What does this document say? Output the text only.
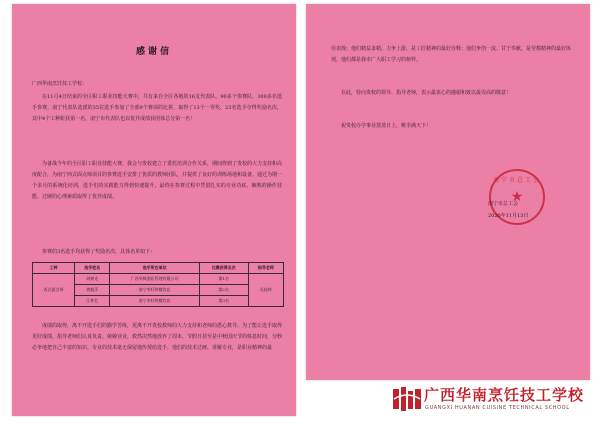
感谢信

广西华南烹饪技工学校：

在11月4日结束的全区职工职业技能大赛中，共有来自全区各地的16支代表队、90多个参赛队、300多名选手参赛，南宁代表队选派的35位选手参加了全部9个赛项的比拼，取得了13个一等奖、23名选手夺得奖励名次，其中4个工种斩获第一名，南宁市代表队也以优异成绩获团体总分第一名！

为备战今年的全区职工职业技能大赛，我会与贵校建立了委托培训合作关系，期间得到了贵校的大力支持和高度配合，为南宁西式面点师项目的参赛选手安排了优质的教师团队，并提供了良好的训练场地和设备。通过为期一个多月的系统化培训，选手们的实践能力得到快速提升，最终在参赛过程中凭借扎实的专业功底、娴熟的操作技能、过硬的心理素质取得了优异成绩。

参赛的3名选手均获得了奖励名次，具体名单如下：

工种	选手姓名	选手所在单位	比赛获得名次	指导老师
西式面点师	胡树光	广西华枫酒店管理有限公司	第1名	吴桂林
	黄毅萍	南宁市旺哞餐饮店	第2名	
	江梓忆	南宁市旺哞餐饮店	第3名	

成绩的取得，离不开选手们的勤学苦练，更离不开贵校教师的大力支持和老师的悉心教导。为了能让选手取得更好成绩，指导老师们认真负责、兢兢业业，救然决然地放弃了周末、节假日甚至是中秋国庆节的休息时间，分秒必争地把自己丰富的知识、专业的技术毫无保留地传授给选手，他们的技术过硬、讲解专业，是职业精神的最

佳表现；他们精益求精、力争上游，是工匠精神的最好诠释；他们争创一流、甘于奉献，是劳模精神的最好体现，他们都是我市广大职工学习的榜样。

在此，特向贵校的领导、指导老师，表示最衷心的感谢和致以最崇高的敬意！

祝贵校办学事业蒸蒸日上，桃李满天下！

南宁市总工会
★
南宁市总工会
2020年11月13日
广西华南烹饪技工学校
GUANGXI HUANAN CUISINE TECHNICAL SCHOOL
